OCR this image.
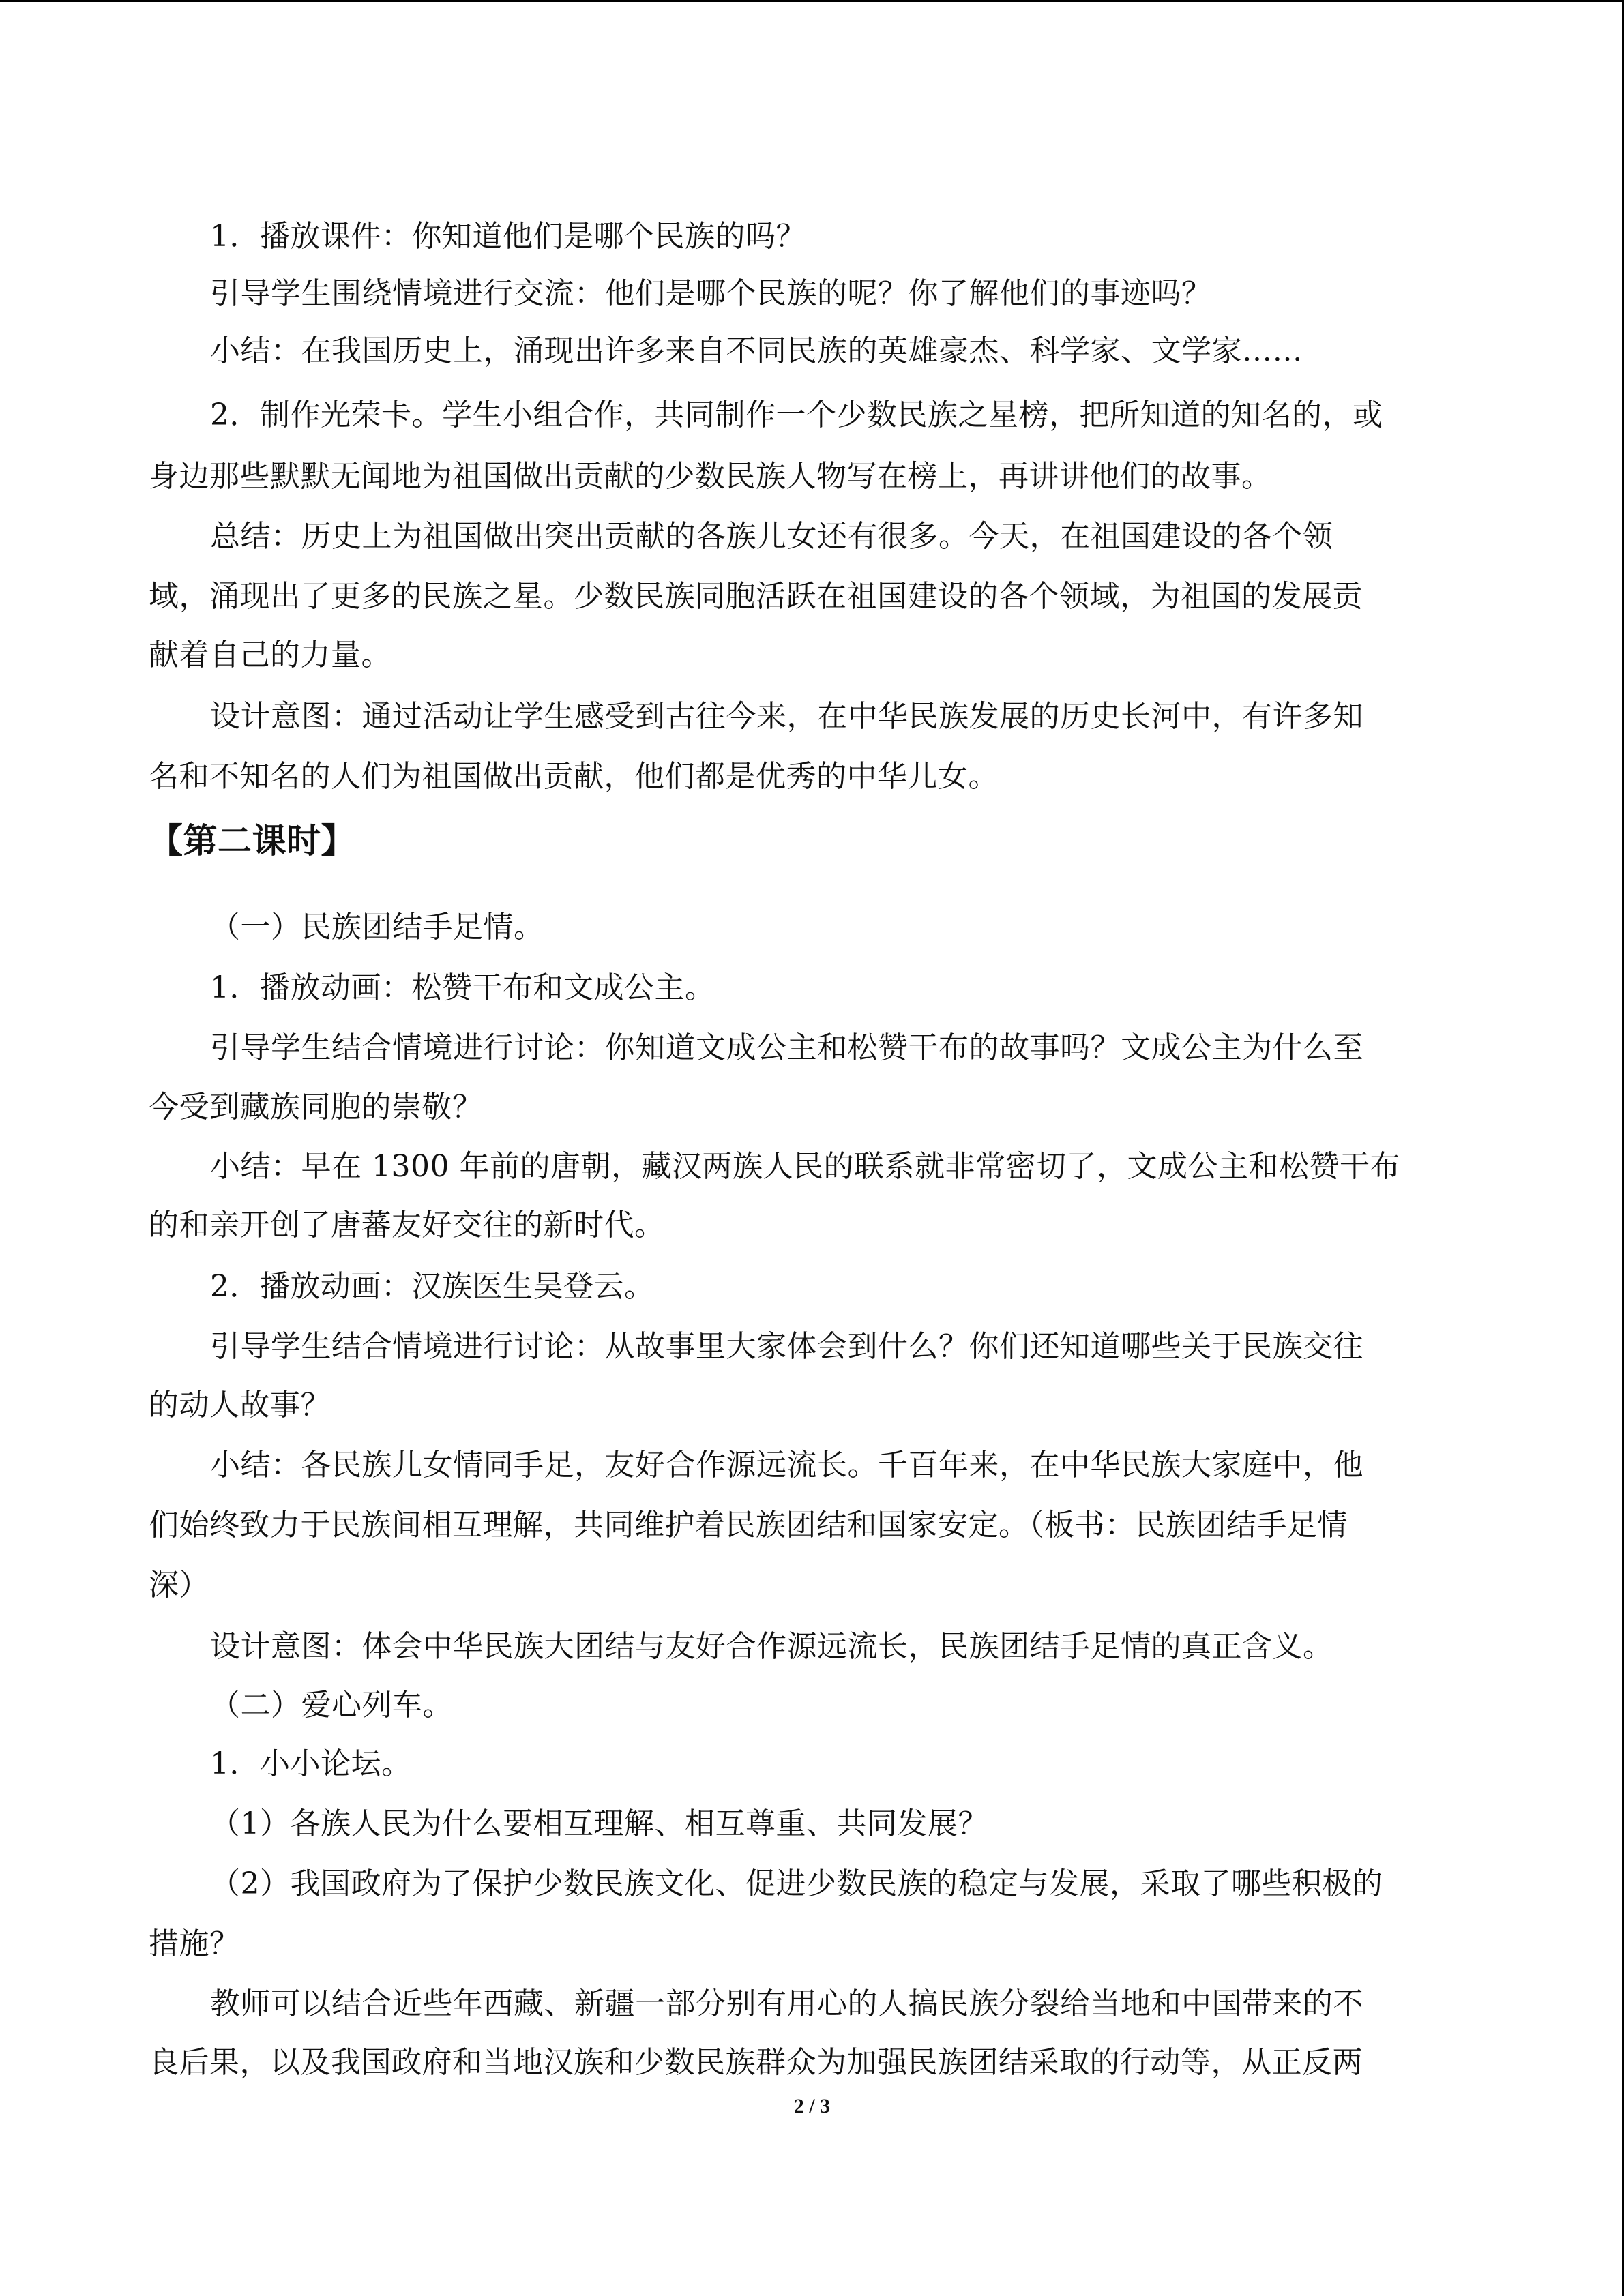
1．播放课件：你知道他们是哪个民族的吗？
引导学生围绕情境进行交流：他们是哪个民族的呢？你了解他们的事迹吗？
小结：在我国历史上，涌现出许多来自不同民族的英雄豪杰、科学家、文学家……
2．制作光荣卡。学生小组合作，共同制作一个少数民族之星榜，把所知道的知名的，或
身边那些默默无闻地为祖国做出贡献的少数民族人物写在榜上，再讲讲他们的故事。
总结：历史上为祖国做出突出贡献的各族儿女还有很多。今天，在祖国建设的各个领
域，涌现出了更多的民族之星。少数民族同胞活跃在祖国建设的各个领域，为祖国的发展贡
献着自己的力量。
设计意图：通过活动让学生感受到古往今来，在中华民族发展的历史长河中，有许多知
名和不知名的人们为祖国做出贡献，他们都是优秀的中华儿女。
【第二课时】
（一）民族团结手足情。
1．播放动画：松赞干布和文成公主。
引导学生结合情境进行讨论：你知道文成公主和松赞干布的故事吗？文成公主为什么至
今受到藏族同胞的崇敬？
小结：早在 1300 年前的唐朝，藏汉两族人民的联系就非常密切了，文成公主和松赞干布
的和亲开创了唐蕃友好交往的新时代。
2．播放动画：汉族医生吴登云。
引导学生结合情境进行讨论：从故事里大家体会到什么？你们还知道哪些关于民族交往
的动人故事？
小结：各民族儿女情同手足，友好合作源远流长。千百年来，在中华民族大家庭中，他
们始终致力于民族间相互理解，共同维护着民族团结和国家安定。（板书：民族团结手足情
深）
设计意图：体会中华民族大团结与友好合作源远流长，民族团结手足情的真正含义。
（二）爱心列车。
1．小小论坛。
（1）各族人民为什么要相互理解、相互尊重、共同发展？
（2）我国政府为了保护少数民族文化、促进少数民族的稳定与发展，采取了哪些积极的
措施？
教师可以结合近些年西藏、新疆一部分别有用心的人搞民族分裂给当地和中国带来的不
良后果，以及我国政府和当地汉族和少数民族群众为加强民族团结采取的行动等，从正反两
2 / 3
